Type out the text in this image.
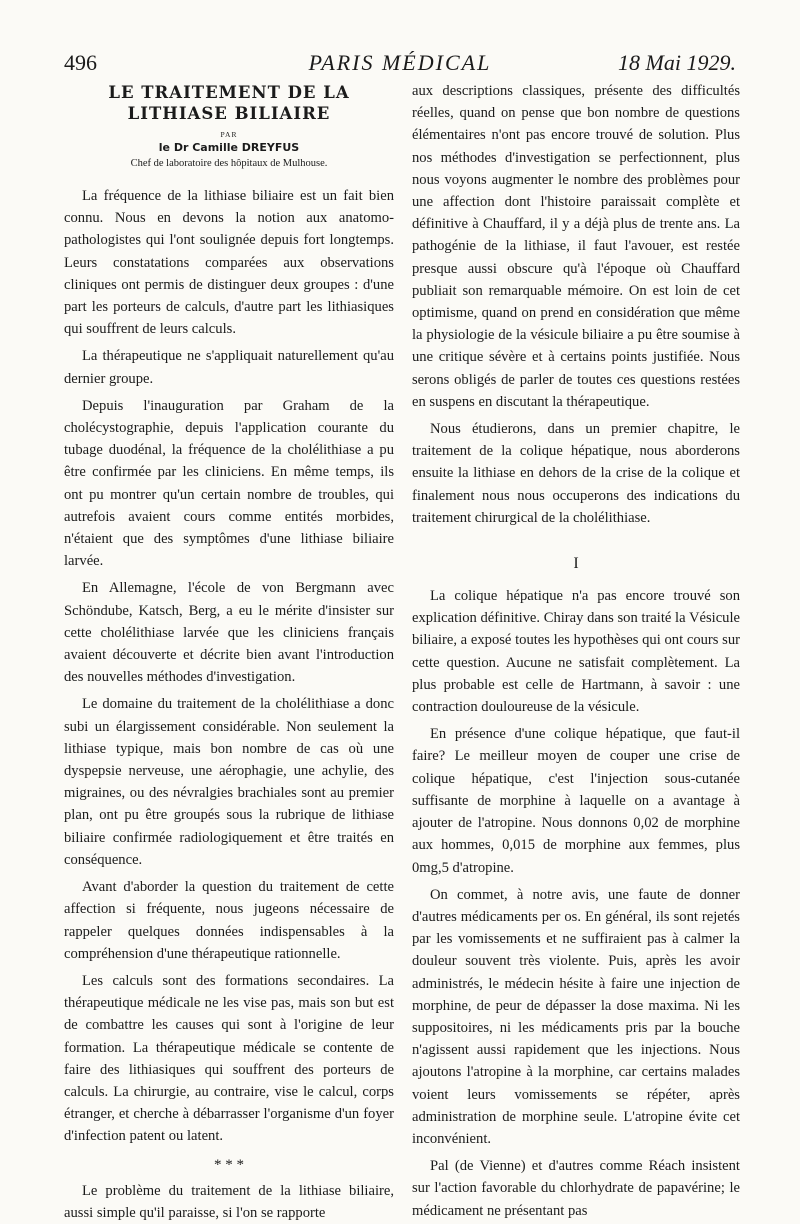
496	PARIS MÉDICAL	18 Mai 1929.
LE TRAITEMENT DE LA
LITHIASE BILIAIRE
PAR
le Dr Camille DREYFUS
Chef de laboratoire des hôpitaux de Mulhouse.

La fréquence de la lithiase biliaire est un fait bien connu. Nous en devons la notion aux anatomo-pathologistes qui l'ont soulignée depuis fort longtemps. Leurs constatations comparées aux observations cliniques ont permis de distinguer deux groupes : d'une part les porteurs de calculs, d'autre part les lithiasiques qui souffrent de leurs calculs.

La thérapeutique ne s'appliquait naturellement qu'au dernier groupe.

Depuis l'inauguration par Graham de la cholécystographie, depuis l'application courante du tubage duodénal, la fréquence de la cholélithiase a pu être confirmée par les cliniciens. En même temps, ils ont pu montrer qu'un certain nombre de troubles, qui autrefois avaient cours comme entités morbides, n'étaient que des symptômes d'une lithiase biliaire larvée.

En Allemagne, l'école de von Bergmann avec Schöndube, Katsch, Berg, a eu le mérite d'insister sur cette cholélithiase larvée que les cliniciens français avaient découverte et décrite bien avant l'introduction des nouvelles méthodes d'investigation.

Le domaine du traitement de la cholélithiase a donc subi un élargissement considérable. Non seulement la lithiase typique, mais bon nombre de cas où une dyspepsie nerveuse, une aérophagie, une achylie, des migraines, ou des névralgies brachiales sont au premier plan, ont pu être groupés sous la rubrique de lithiase biliaire confirmée radiologiquement et être traités en conséquence.

Avant d'aborder la question du traitement de cette affection si fréquente, nous jugeons nécessaire de rappeler quelques données indispensables à la compréhension d'une thérapeutique rationnelle.

Les calculs sont des formations secondaires. La thérapeutique médicale ne les vise pas, mais son but est de combattre les causes qui sont à l'origine de leur formation. La thérapeutique médicale se contente de faire des lithiasiques qui souffrent des porteurs de calculs. La chirurgie, au contraire, vise le calcul, corps étranger, et cherche à débarrasser l'organisme d'un foyer d'infection patent ou latent.

* * *

Le problème du traitement de la lithiase biliaire, aussi simple qu'il paraisse, si l'on se rapporte

aux descriptions classiques, présente des difficultés réelles, quand on pense que bon nombre de questions élémentaires n'ont pas encore trouvé de solution. Plus nos méthodes d'investigation se perfectionnent, plus nous voyons augmenter le nombre des problèmes pour une affection dont l'histoire paraissait complète et définitive à Chauffard, il y a déjà plus de trente ans. La pathogénie de la lithiase, il faut l'avouer, est restée presque aussi obscure qu'à l'époque où Chauffard publiait son remarquable mémoire. On est loin de cet optimisme, quand on prend en considération que même la physiologie de la vésicule biliaire a pu être soumise à une critique sévère et à certains points justifiée. Nous serons obligés de parler de toutes ces questions restées en suspens en discutant la thérapeutique.

Nous étudierons, dans un premier chapitre, le traitement de la colique hépatique, nous aborderons ensuite la lithiase en dehors de la crise de la colique et finalement nous nous occuperons des indications du traitement chirurgical de la cholélithiase.

I

La colique hépatique n'a pas encore trouvé son explication définitive. Chiray dans son traité la Vésicule biliaire, a exposé toutes les hypothèses qui ont cours sur cette question. Aucune ne satisfait complètement. La plus probable est celle de Hartmann, à savoir : une contraction douloureuse de la vésicule.

En présence d'une colique hépatique, que faut-il faire? Le meilleur moyen de couper une crise de colique hépatique, c'est l'injection sous-cutanée suffisante de morphine à laquelle on a avantage à ajouter de l'atropine. Nous donnons 0,02 de morphine aux hommes, 0,015 de morphine aux femmes, plus 0mg,5 d'atropine.

On commet, à notre avis, une faute de donner d'autres médicaments per os. En général, ils sont rejetés par les vomissements et ne suffiraient pas à calmer la douleur souvent très violente. Puis, après les avoir administrés, le médecin hésite à faire une injection de morphine, de peur de dépasser la dose maxima. Ni les suppositoires, ni les médicaments pris par la bouche n'agissent aussi rapidement que les injections. Nous ajoutons l'atropine à la morphine, car certains malades voient leurs vomissements se répéter, après administration de morphine seule. L'atropine évite cet inconvénient.

Pal (de Vienne) et d'autres comme Réach insistent sur l'action favorable du chlorhydrate de papavérine; le médicament ne présentant pas
